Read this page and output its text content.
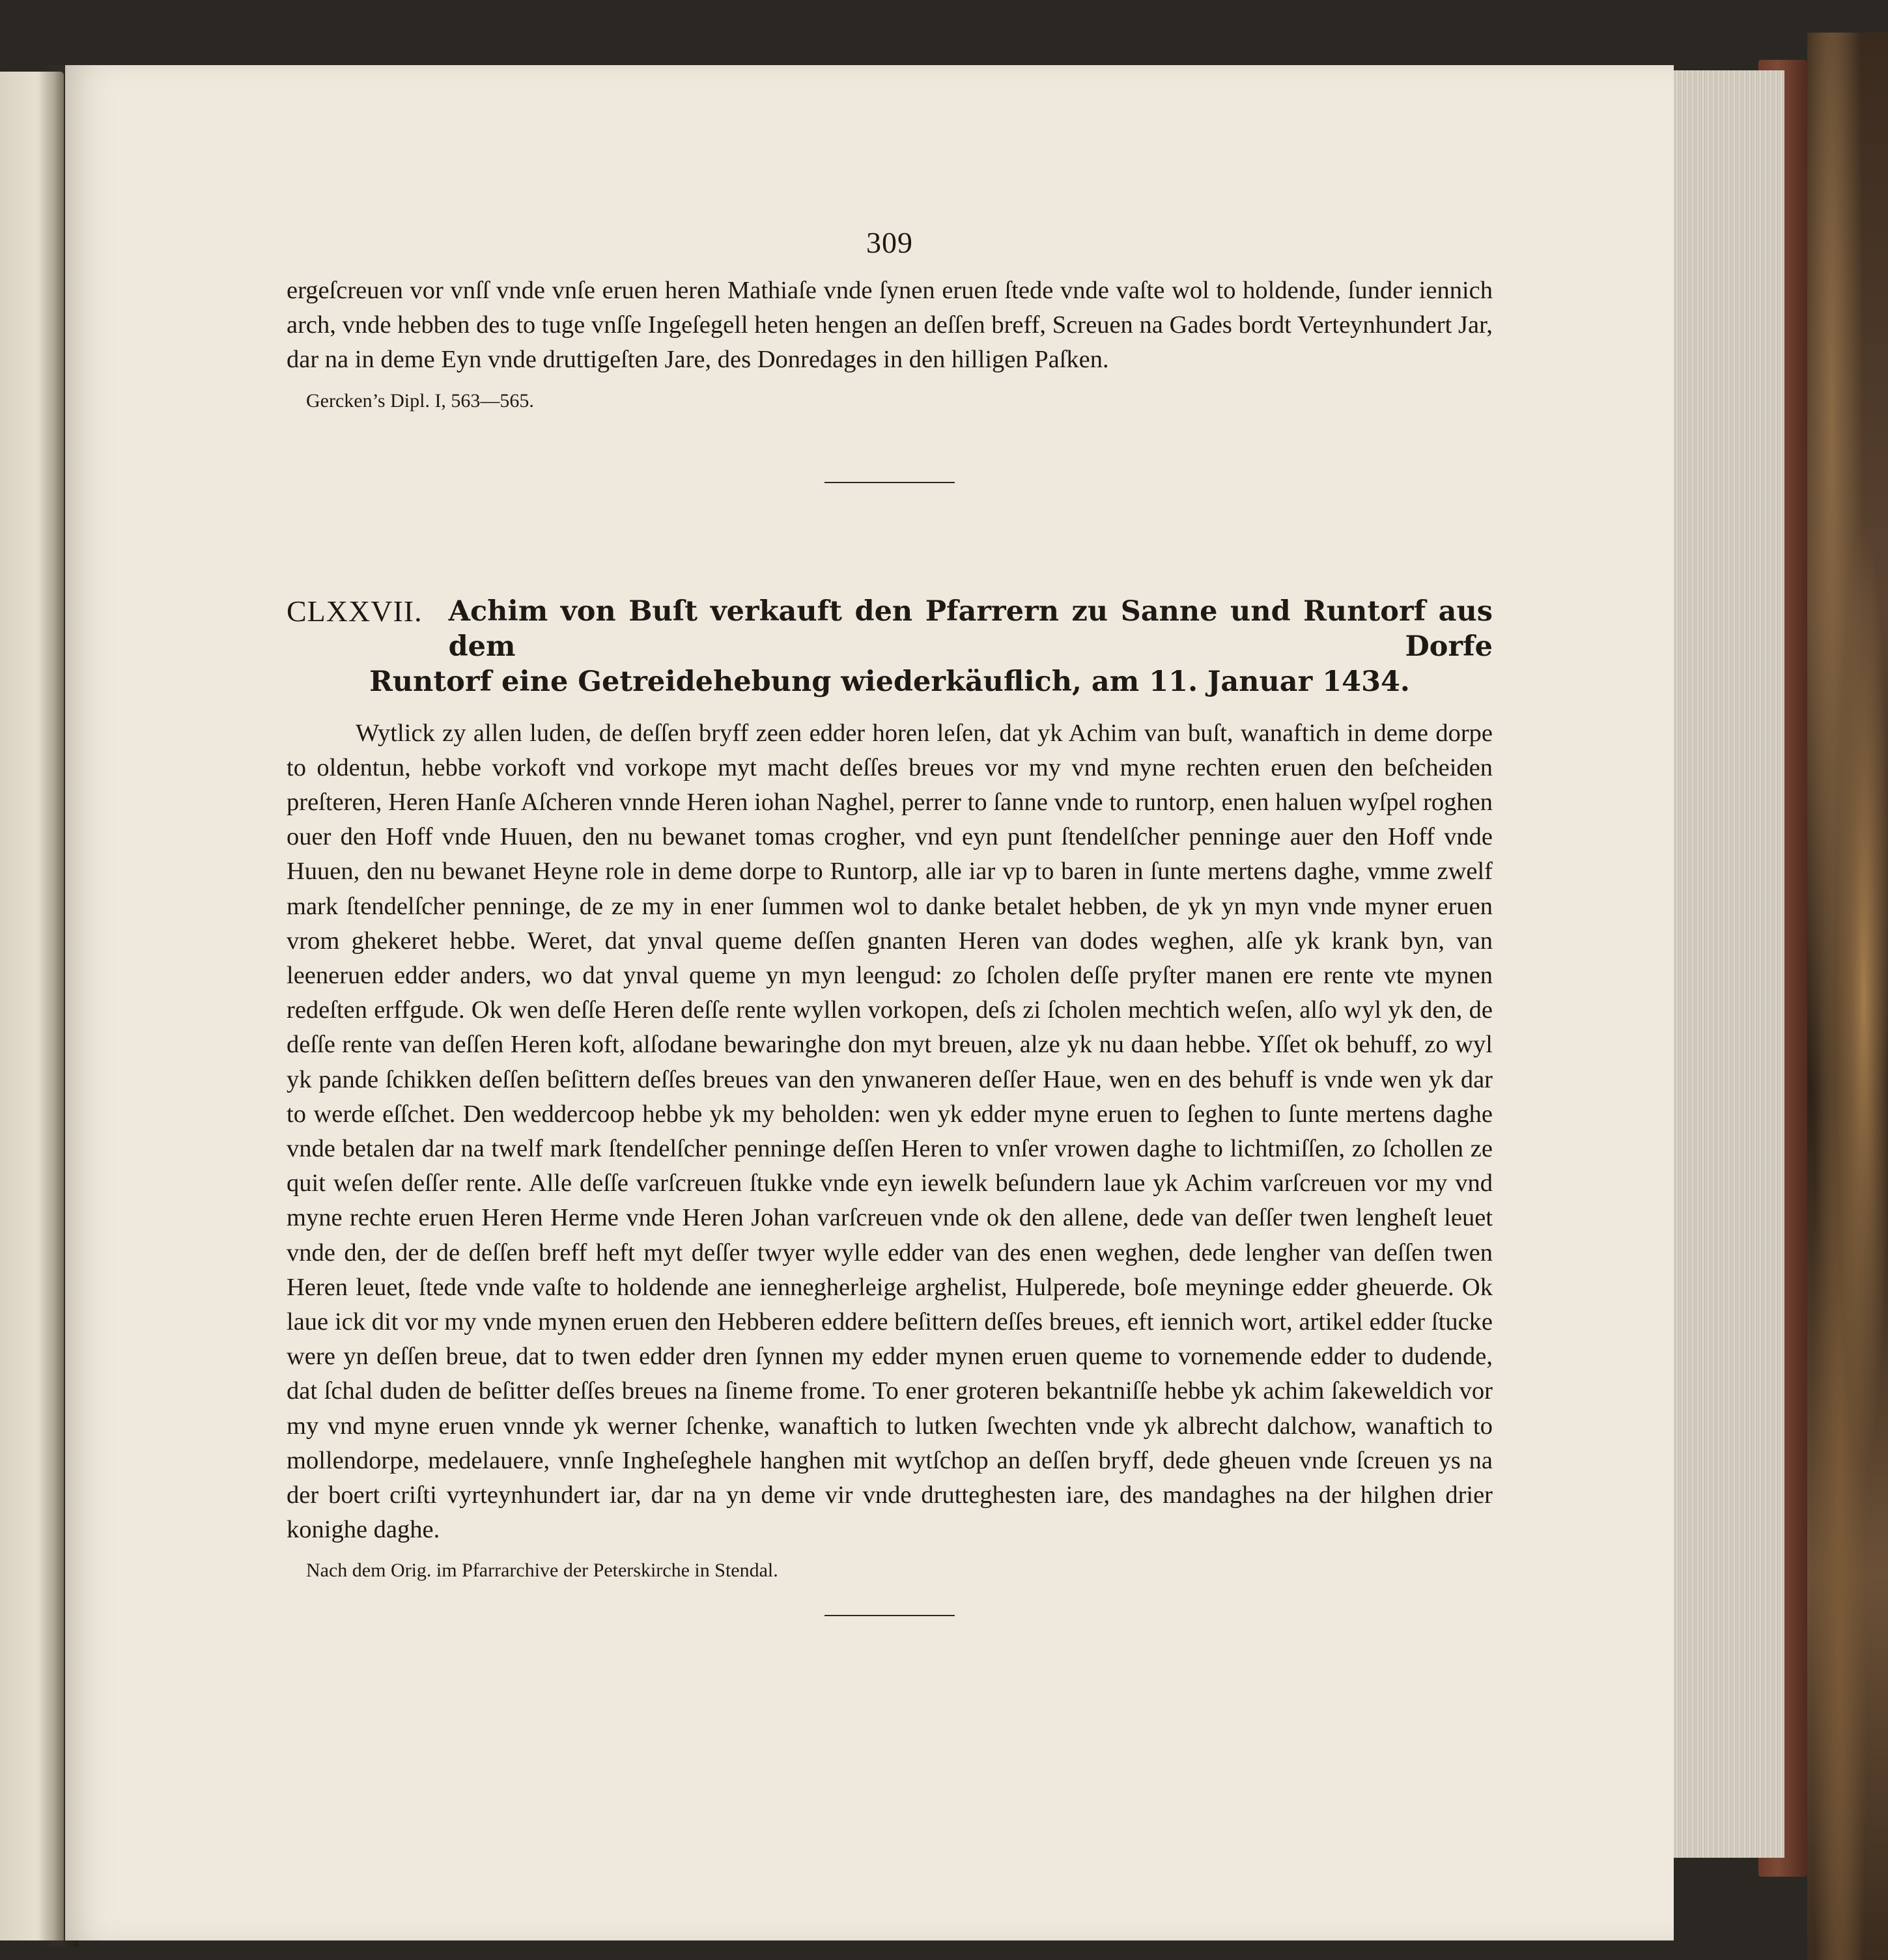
309

ergeſcreuen vor vnſſ vnde vnſe eruen heren Mathiaſe vnde ſynen eruen ſtede vnde vaſte wol to holdende, ſunder iennich arch, vnde hebben des to tuge vnſſe Ingeſegell heten hengen an deſſen breff, Screuen na Gades bordt Verteynhundert Jar, dar na in deme Eyn vnde druttigeſten Jare, des Donredages in den hilligen Paſken.

Gercken’s Dipl. I, 563—565.
CLXXVII. Achim von Buſt verkauft den Pfarrern zu Sanne und Runtorf aus dem Dorfe
Runtorf eine Getreidehebung wiederkäuflich, am 11. Januar 1434.

Wytlick zy allen luden, de deſſen bryff zeen edder horen leſen, dat yk Achim van buſt, wanaftich in deme dorpe to oldentun, hebbe vorkoft vnd vorkope myt macht deſſes breues vor my vnd myne rechten eruen den beſcheiden preſteren, Heren Hanſe Aſcheren vnnde Heren iohan Naghel, perrer to ſanne vnde to runtorp, enen haluen wyſpel roghen ouer den Hoff vnde Huuen, den nu bewanet tomas crogher, vnd eyn punt ſtendelſcher penninge auer den Hoff vnde Huuen, den nu bewanet Heyne role in deme dorpe to Runtorp, alle iar vp to baren in ſunte mertens daghe, vmme zwelf mark ſtendelſcher penninge, de ze my in ener ſummen wol to danke betalet hebben, de yk yn myn vnde myner eruen vrom ghekeret hebbe. Weret, dat ynval queme deſſen gnanten Heren van dodes weghen, alſe yk krank byn, van leeneruen edder anders, wo dat ynval queme yn myn leengud: zo ſcholen deſſe pryſter manen ere rente vte mynen redeſten erffgude. Ok wen deſſe Heren deſſe rente wyllen vorkopen, deſs zi ſcholen mechtich weſen, alſo wyl yk den, de deſſe rente van deſſen Heren koft, alſodane bewaringhe don myt breuen, alze yk nu daan hebbe. Yſſet ok behuff, zo wyl yk pande ſchikken deſſen beſittern deſſes breues van den ynwaneren deſſer Haue, wen en des behuff is vnde wen yk dar to werde eſſchet. Den weddercoop hebbe yk my beholden: wen yk edder myne eruen to ſeghen to ſunte mertens daghe vnde betalen dar na twelf mark ſtendelſcher penninge deſſen Heren to vnſer vrowen daghe to lichtmiſſen, zo ſchollen ze quit weſen deſſer rente. Alle deſſe varſcreuen ſtukke vnde eyn iewelk beſundern laue yk Achim varſcreuen vor my vnd myne rechte eruen Heren Herme vnde Heren Johan varſcreuen vnde ok den allene, dede van deſſer twen lengheſt leuet vnde den, der de deſſen breff heft myt deſſer twyer wylle edder van des enen weghen, dede lengher van deſſen twen Heren leuet, ſtede vnde vaſte to holdende ane iennegherleige arghelist, Hulperede, boſe meyninge edder gheuerde. Ok laue ick dit vor my vnde mynen eruen den Hebberen eddere beſittern deſſes breues, eft iennich wort, artikel edder ſtucke were yn deſſen breue, dat to twen edder dren ſynnen my edder mynen eruen queme to vornemende edder to dudende, dat ſchal duden de beſitter deſſes breues na ſineme frome. To ener groteren bekantniſſe hebbe yk achim ſakeweldich vor my vnd myne eruen vnnde yk werner ſchenke, wanaftich to lutken ſwechten vnde yk albrecht dalchow, wanaftich to mollendorpe, medelauere, vnnſe Ingheſeghele hanghen mit wytſchop an deſſen bryff, dede gheuen vnde ſcreuen ys na der boert criſti vyrteynhundert iar, dar na yn deme vir vnde drutteghesten iare, des mandaghes na der hilghen drier konighe daghe.

Nach dem Orig. im Pfarrarchive der Peterskirche in Stendal.
